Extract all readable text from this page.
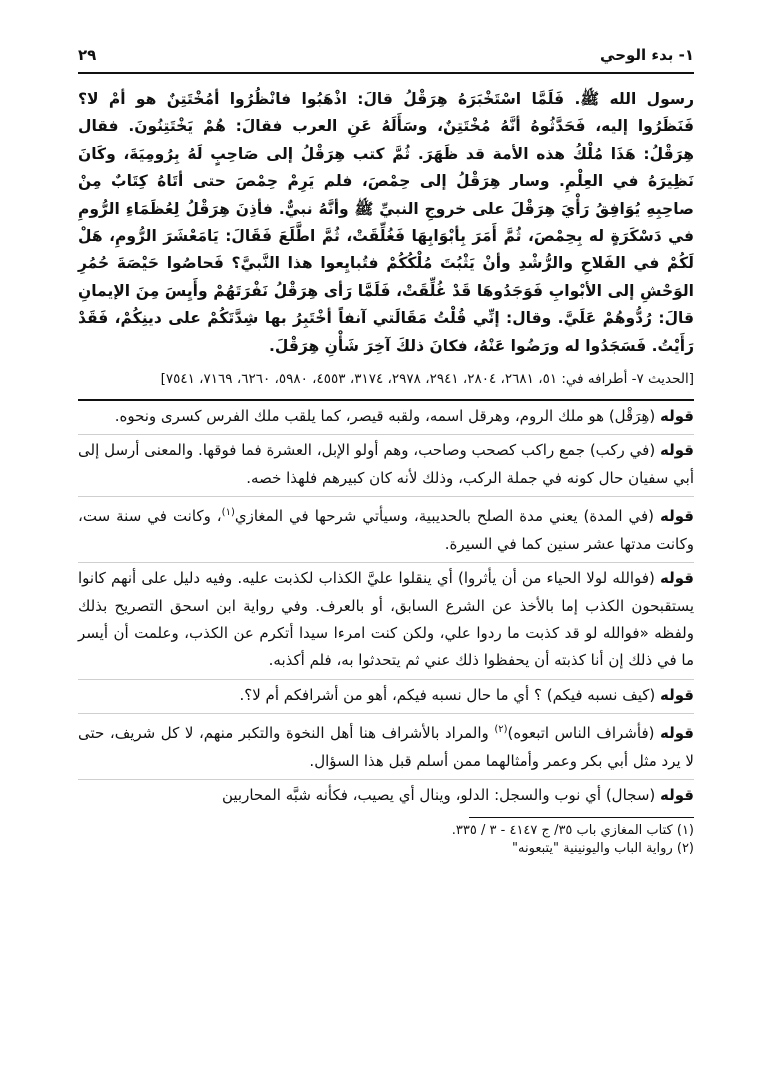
١- بدء الوحي
٢٩
رسول الله ﷺ. فَلَمَّا اسْتَخْبَرَهُ هِرَقْلُ قالَ: اذْهَبُوا فانْظُرُوا أمُخْتَتِنٌ هو أمْ لا؟ فَنَظَرُوا إليه، فَحَدَّثُوهُ أنَّهُ مُخْتَتِنٌ، وسَأَلَهُ عَنِ العرب فقالَ: هُمْ يَخْتَتِنُونَ. فقال هِرَقْلُ: هَذَا مُلْكُ هذه الأمة قد ظَهَرَ. ثُمَّ كتب هِرَقْلُ إلى صَاحِبٍ لَهُ بِرُومِيَةَ، وكَانَ نَظِيرَهُ في العِلْمِ. وسار هِرَقْلُ إلى حِمْصَ، فلم يَرِمْ حِمْصَ حتى أتَاهُ كِتَابٌ مِنْ صاحِبِهِ يُوَافِقُ رَأْيَ هِرَقْلَ على خروجِ النبيِّ ﷺ وأنَّهُ نبيٌّ. فأذِنَ هِرَقْلُ لِعُظَمَاءِ الرُّومِ في دَسْكَرَةٍ له بِحِمْصَ، ثُمَّ أَمَرَ بِأبْوَابِهَا فَغُلِّقَتْ، ثُمَّ اطَّلَعَ فَقَالَ: يَامَعْشَرَ الرُّومِ، هَلْ لَكُمْ في الفَلاحِ والرُّشْدِ وأنْ يَثْبُتَ مُلْكُكُمْ فتُبايِعوا هذا النَّبيَّ؟ فَحاصُوا حَيْصَةَ حُمُرِ الوَحْشِ إلى الأبْوابِ فَوَجَدُوهَا قَدْ غُلِّقَتْ، فَلَمَّا رَأى هِرَقْلُ نَفْرَتَهُمْ وأَيِسَ مِنَ الإيمانِ قالَ: رُدُّوهُمْ عَلَيَّ. وقال: إنِّي قُلْتُ مَقَالَتي آنفاً أخْتَبِرُ بها شِدَّتَكُمْ على دينِكُمْ، فَقَدْ رَأَيْتُ. فَسَجَدُوا له ورَضُوا عَنْهُ، فكانَ ذلكَ آخِرَ شَأْنِ هِرَقْلَ.
[الحديث ٧- أطرافه في: ٥١، ٢٦٨١، ٢٨٠٤، ٢٩٤١، ٢٩٧٨، ٣١٧٤، ٤٥٥٣، ٥٩٨٠، ٦٢٦٠، ٧١٦٩، ٧٥٤١]
قوله (هِرَقْل) هو ملك الروم، وهرقل اسمه، ولقبه قيصر، كما يلقب ملك الفرس كسرى ونحوه.
قوله (في ركب) جمع راكب كصحب وصاحب، وهم أولو الإبل، العشرة فما فوقها. والمعنى أرسل إلى أبي سفيان حال كونه في جملة الركب، وذلك لأنه كان كبيرهم فلهذا خصه.
قوله (في المدة) يعني مدة الصلح بالحديبية، وسيأتي شرحها في المغازي$^{(١)}$، وكانت في سنة ست، وكانت مدتها عشر سنين كما في السيرة.
قوله (فوالله لولا الحياء من أن يأثروا) أي ينقلوا عليَّ الكذاب لكذبت عليه. وفيه دليل على أنهم كانوا يستقبحون الكذب إما بالأخذ عن الشرع السابق، أو بالعرف. وفي رواية ابن اسحق التصريح بذلك ولفظه «فوالله لو قد كذبت ما ردوا علي، ولكن كنت امرءا سيدا أتكرم عن الكذب، وعلمت أن أيسر ما في ذلك إن أنا كذبته أن يحفظوا ذلك عني ثم يتحدثوا به، فلم أكذبه.
قوله (كيف نسبه فيكم) ؟ أي ما حال نسبه فيكم، أهو من أشرافكم أم لا؟.
قوله (فأشراف الناس اتبعوه)$^{(٢)}$ والمراد بالأشراف هنا أهل النخوة والتكبر منهم، لا كل شريف، حتى لا يرد مثل أبي بكر وعمر وأمثالهما ممن أسلم قبل هذا السؤال.
قوله (سجال) أي نوب والسجل: الدلو، وينال أي يصيب، فكأنه شبَّه المحاربين
(١) كتاب المغازي باب ٣٥/ ج ٤١٤٧ - ٣ / ٣٣٥.
(٢) رواية الباب واليونينية "يتبعونه"
